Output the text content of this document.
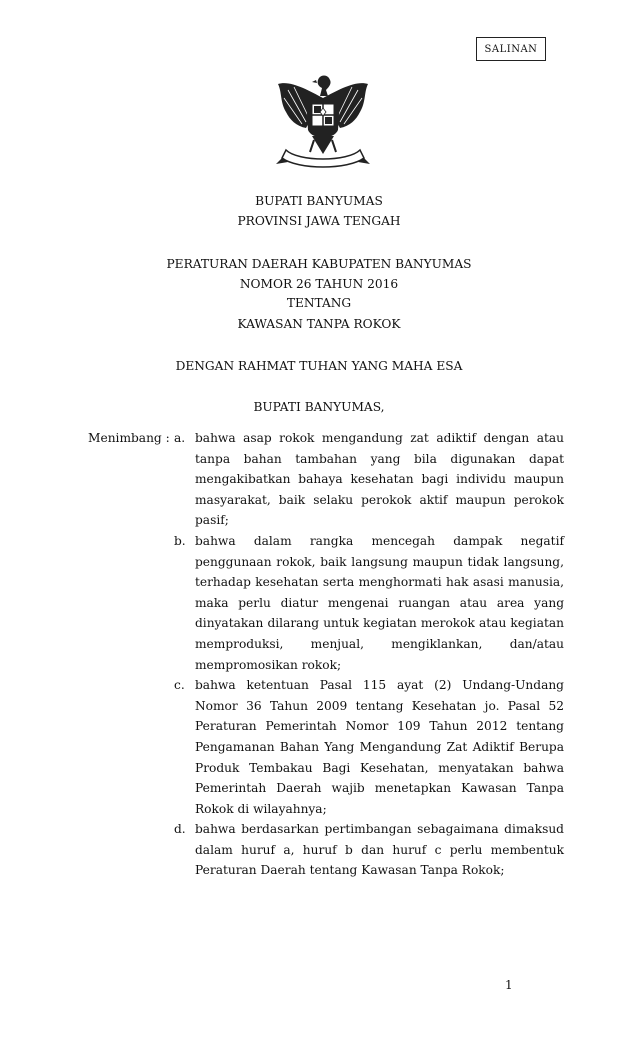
SALINAN
BUPATI BANYUMAS
PROVINSI JAWA TENGAH
PERATURAN DAERAH KABUPATEN BANYUMAS
NOMOR 26 TAHUN 2016
TENTANG
KAWASAN TANPA ROKOK
DENGAN RAHMAT TUHAN YANG MAHA ESA
BUPATI BANYUMAS,
Menimbang : a. bahwa asap rokok mengandung zat adiktif dengan atau tanpa bahan tambahan yang bila digunakan dapat mengakibatkan bahaya kesehatan bagi individu maupun masyarakat, baik selaku perokok aktif maupun perokok pasif;
b. bahwa dalam rangka mencegah dampak negatif penggunaan rokok, baik langsung maupun tidak langsung, terhadap kesehatan serta menghormati hak asasi manusia, maka perlu diatur mengenai ruangan atau area yang dinyatakan dilarang untuk kegiatan merokok atau kegiatan memproduksi, menjual, mengiklankan, dan/atau mempromosikan rokok;
c. bahwa ketentuan Pasal 115 ayat (2) Undang-Undang Nomor 36 Tahun 2009 tentang Kesehatan jo. Pasal 52 Peraturan Pemerintah Nomor 109 Tahun 2012 tentang Pengamanan Bahan Yang Mengandung Zat Adiktif Berupa Produk Tembakau Bagi Kesehatan, menyatakan bahwa Pemerintah Daerah wajib menetapkan Kawasan Tanpa Rokok di wilayahnya;
d. bahwa berdasarkan pertimbangan sebagaimana dimaksud dalam huruf a, huruf b dan huruf c perlu membentuk Peraturan Daerah tentang Kawasan Tanpa Rokok;
1
